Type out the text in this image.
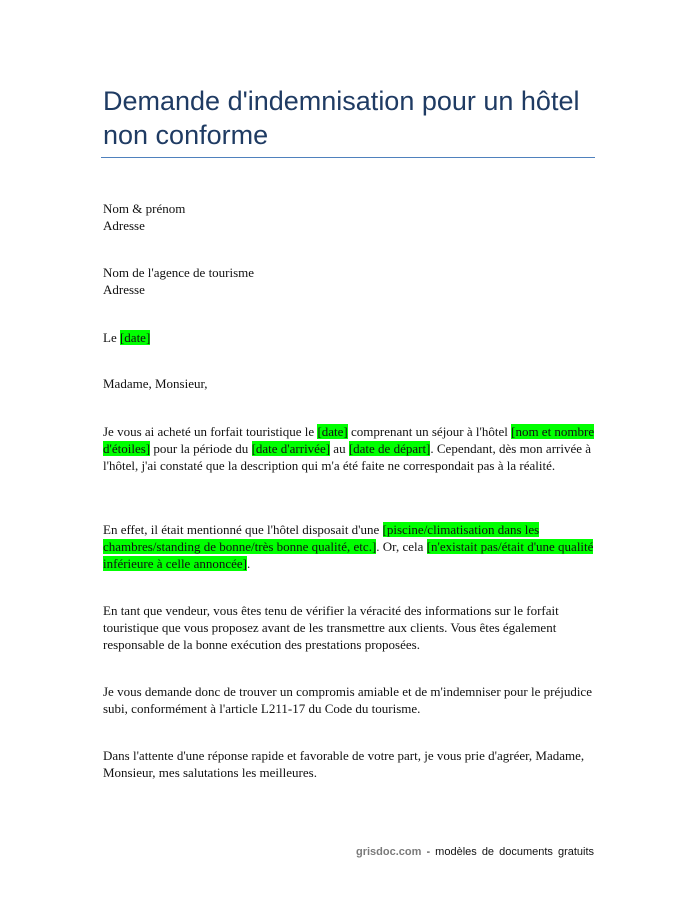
Demande d'indemnisation pour un hôtel non conforme
Nom & prénom
Adresse
Nom de l'agence de tourisme
Adresse
Le [date]
Madame, Monsieur,

Je vous ai acheté un forfait touristique le [date] comprenant un séjour à l'hôtel [nom et nombre d'étoiles] pour la période du [date d'arrivée] au [date de départ]. Cependant, dès mon arrivée à l'hôtel, j'ai constaté que la description qui m'a été faite ne correspondait pas à la réalité.

En effet, il était mentionné que l'hôtel disposait d'une [piscine/climatisation dans les chambres/standing de bonne/très bonne qualité, etc.]. Or, cela [n'existait pas/était d'une qualité inférieure à celle annoncée].

En tant que vendeur, vous êtes tenu de vérifier la véracité des informations sur le forfait touristique que vous proposez avant de les transmettre aux clients. Vous êtes également responsable de la bonne exécution des prestations proposées.

Je vous demande donc de trouver un compromis amiable et de m'indemniser pour le préjudice subi, conformément à l'article L211-17 du Code du tourisme.

Dans l'attente d'une réponse rapide et favorable de votre part, je vous prie d'agréer, Madame, Monsieur, mes salutations les meilleures.

grisdoc.com - modèles de documents gratuits
